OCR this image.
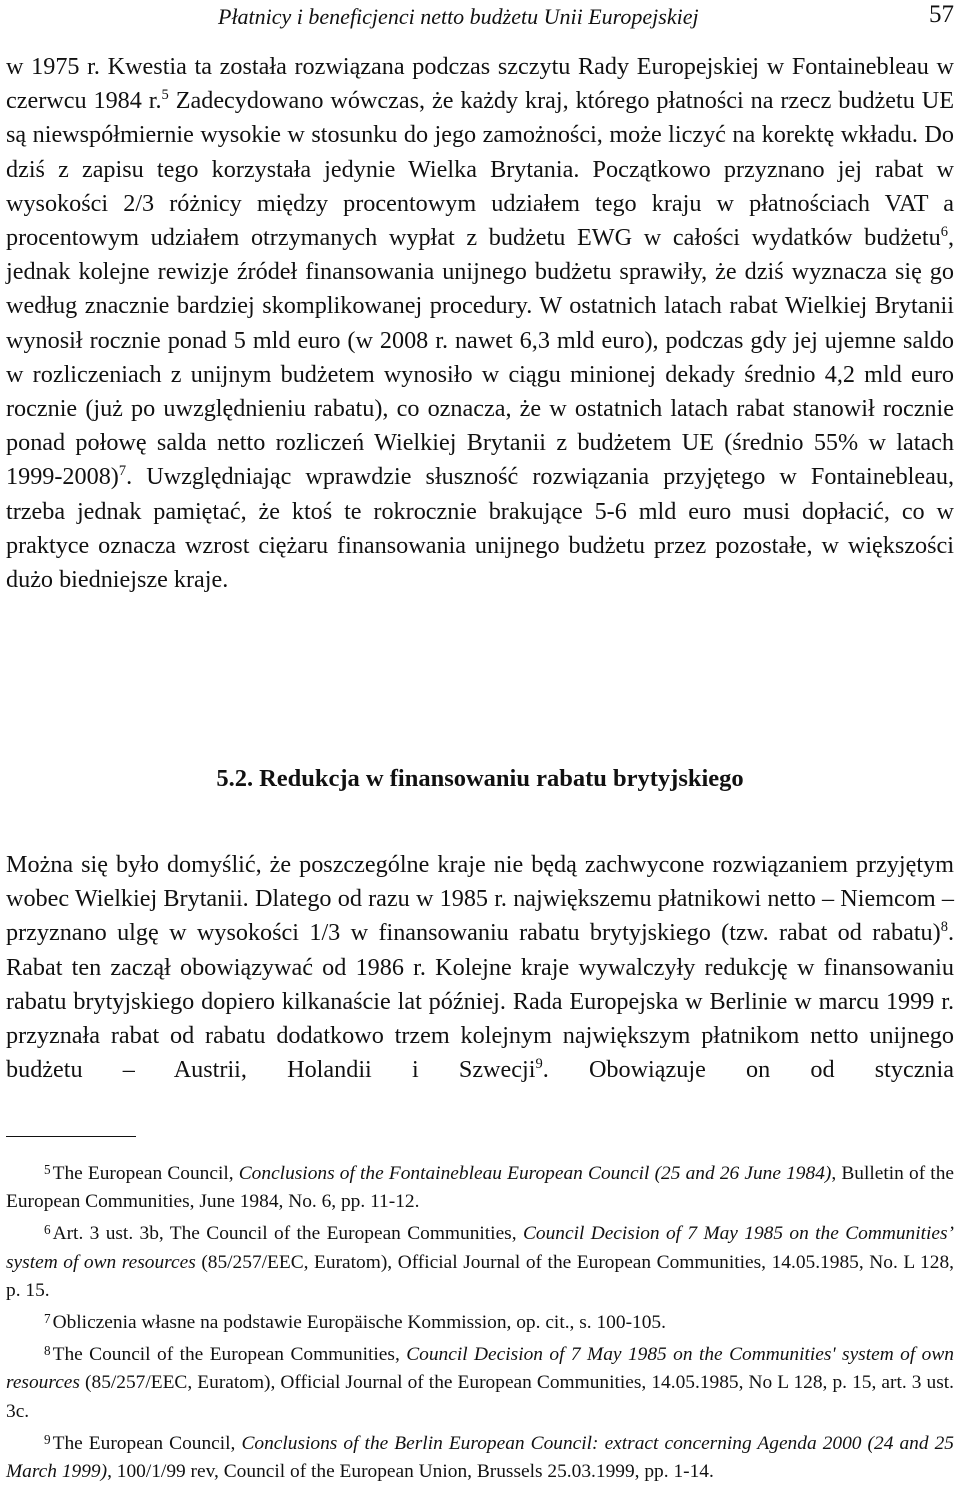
Płatnicy i beneficjenci netto budżetu Unii Europejskiej	57

w 1975 r. Kwestia ta została rozwiązana podczas szczytu Rady Europejskiej w Fontainebleau w czerwcu 1984 r.$^5$ Zadecydowano wówczas, że każdy kraj, którego płatności na rzecz budżetu UE są niewspółmiernie wysokie w stosunku do jego zamożności, może liczyć na korektę wkładu. Do dziś z zapisu tego korzystała jedynie Wielka Brytania. Początkowo przyznano jej rabat w wysokości 2/3 różnicy między procentowym udziałem tego kraju w płatnościach VAT a procentowym udziałem otrzymanych wypłat z budżetu EWG w całości wydatków budżetu$^6$, jednak kolejne rewizje źródeł finansowania unijnego budżetu sprawiły, że dziś wyznacza się go według znacznie bardziej skomplikowanej procedury. W ostatnich latach rabat Wielkiej Brytanii wynosił rocznie ponad 5 mld euro (w 2008 r. nawet 6,3 mld euro), podczas gdy jej ujemne saldo w rozliczeniach z unijnym budżetem wynosiło w ciągu minionej dekady średnio 4,2 mld euro rocznie (już po uwzględnieniu rabatu), co oznacza, że w ostatnich latach rabat stanowił rocznie ponad połowę salda netto rozliczeń Wielkiej Brytanii z budżetem UE (średnio 55% w latach 1999-2008)$^7$. Uwzględniając wprawdzie słuszność rozwiązania przyjętego w Fontainebleau, trzeba jednak pamiętać, że ktoś te rokrocznie brakujące 5-6 mld euro musi dopłacić, co w praktyce oznacza wzrost ciężaru finansowania unijnego budżetu przez pozostałe, w większości dużo biedniejsze kraje.

5.2. Redukcja w finansowaniu rabatu brytyjskiego

Można się było domyślić, że poszczególne kraje nie będą zachwycone rozwiązaniem przyjętym wobec Wielkiej Brytanii. Dlatego od razu w 1985 r. największemu płatnikowi netto – Niemcom – przyznano ulgę w wysokości 1/3 w finansowaniu rabatu brytyjskiego (tzw. rabat od rabatu)$^8$. Rabat ten zaczął obowiązywać od 1986 r. Kolejne kraje wywalczyły redukcję w finansowaniu rabatu brytyjskiego dopiero kilkanaście lat później. Rada Europejska w Berlinie w marcu 1999 r. przyznała rabat od rabatu dodatkowo trzem kolejnym największym płatnikom netto unijnego budżetu – Austrii, Holandii i Szwecji$^9$. Obowiązuje on od stycznia

$^5$ The European Council, Conclusions of the Fontainebleau European Council (25 and 26 June 1984), Bulletin of the European Communities, June 1984, No. 6, pp. 11-12.

$^6$ Art. 3 ust. 3b, The Council of the European Communities, Council Decision of 7 May 1985 on the Communities’ system of own resources (85/257/EEC, Euratom), Official Journal of the European Communities, 14.05.1985, No. L 128, p. 15.

$^7$ Obliczenia własne na podstawie Europäische Kommission, op. cit., s. 100-105.

$^8$ The Council of the European Communities, Council Decision of 7 May 1985 on the Communities' system of own resources (85/257/EEC, Euratom), Official Journal of the European Communities, 14.05.1985, No L 128, p. 15, art. 3 ust. 3c.

$^9$ The European Council, Conclusions of the Berlin European Council: extract concerning Agenda 2000 (24 and 25 March 1999), 100/1/99 rev, Council of the European Union, Brussels 25.03.1999, pp. 1-14.
